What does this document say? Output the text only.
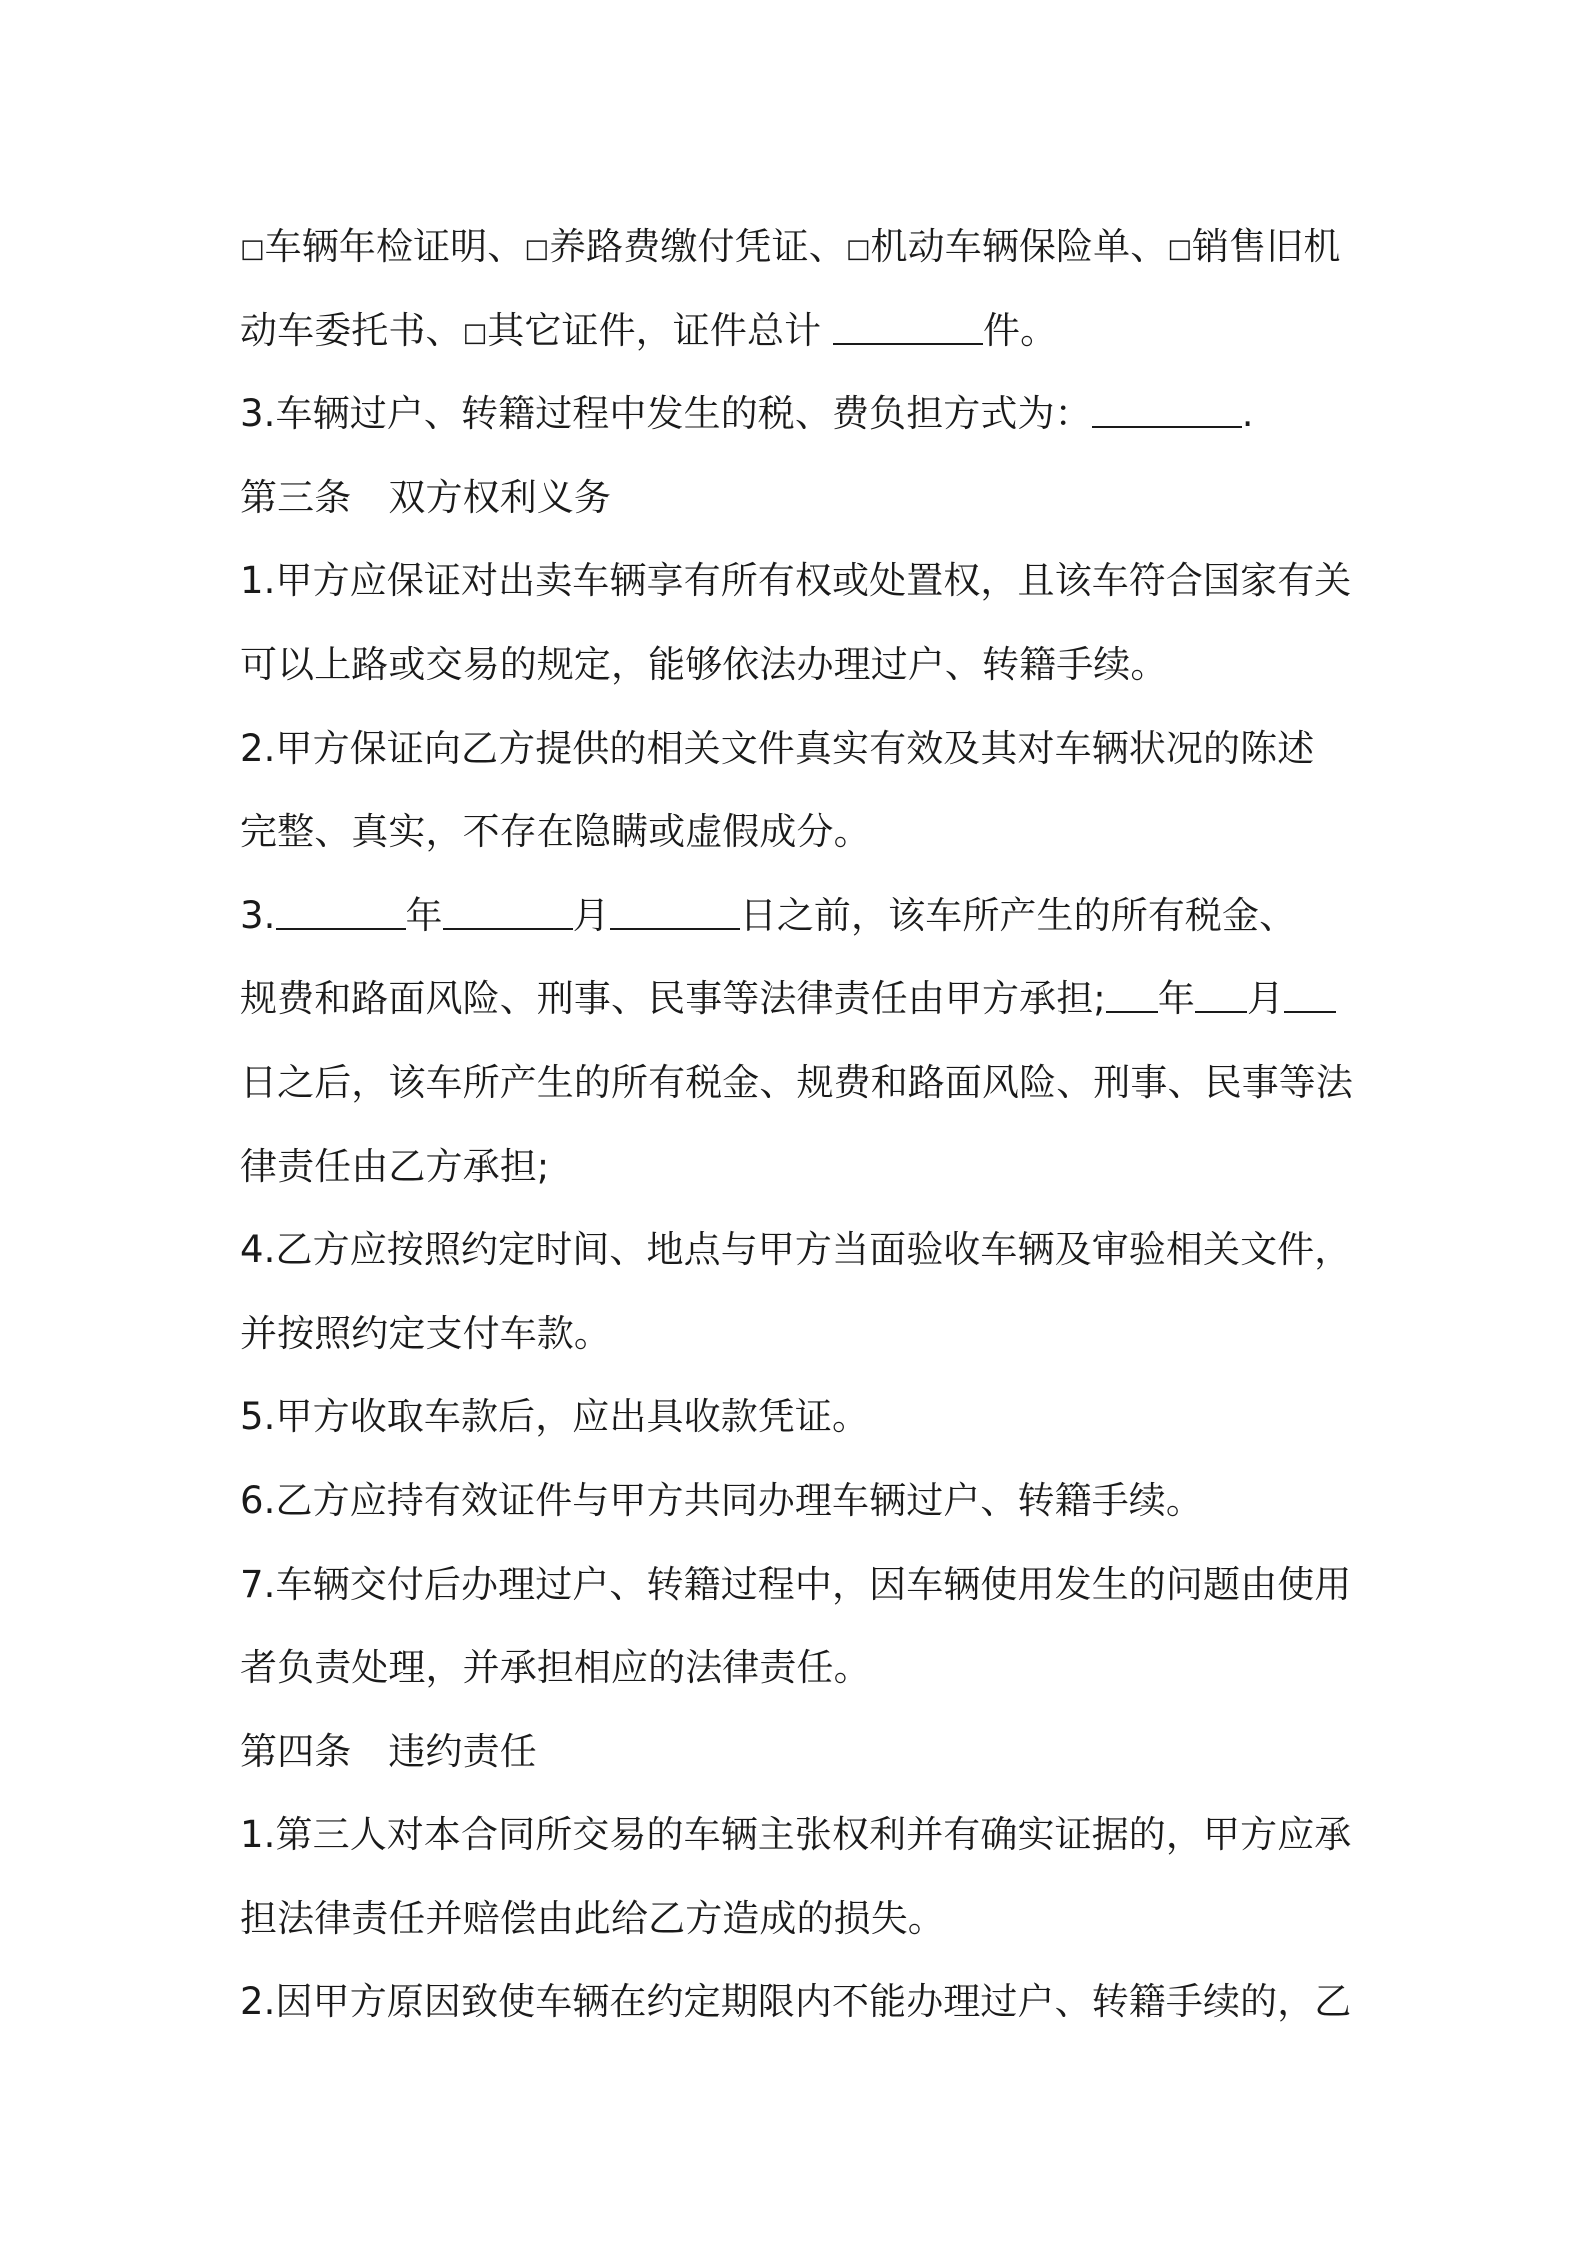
□车辆年检证明、□养路费缴付凭证、□机动车辆保险单、□销售旧机
动车委托书、□其它证件，证件总计	件。
3.车辆过户、转籍过程中发生的税、费负担方式为：	.
第三条　双方权利义务
1.甲方应保证对出卖车辆享有所有权或处置权，且该车符合国家有关
可以上路或交易的规定，能够依法办理过户、转籍手续。
2.甲方保证向乙方提供的相关文件真实有效及其对车辆状况的陈述
完整、真实，不存在隐瞒或虚假成分。
3.	年	月	日之前，该车所产生的所有税金、
规费和路面风险、刑事、民事等法律责任由甲方承担; 年 月
日之后，该车所产生的所有税金、规费和路面风险、刑事、民事等法
律责任由乙方承担;
4.乙方应按照约定时间、地点与甲方当面验收车辆及审验相关文件，
并按照约定支付车款。
5.甲方收取车款后，应出具收款凭证。
6.乙方应持有效证件与甲方共同办理车辆过户、转籍手续。
7.车辆交付后办理过户、转籍过程中，因车辆使用发生的问题由使用
者负责处理，并承担相应的法律责任。
第四条　违约责任
1.第三人对本合同所交易的车辆主张权利并有确实证据的，甲方应承
担法律责任并赔偿由此给乙方造成的损失。
2.因甲方原因致使车辆在约定期限内不能办理过户、转籍手续的，乙
